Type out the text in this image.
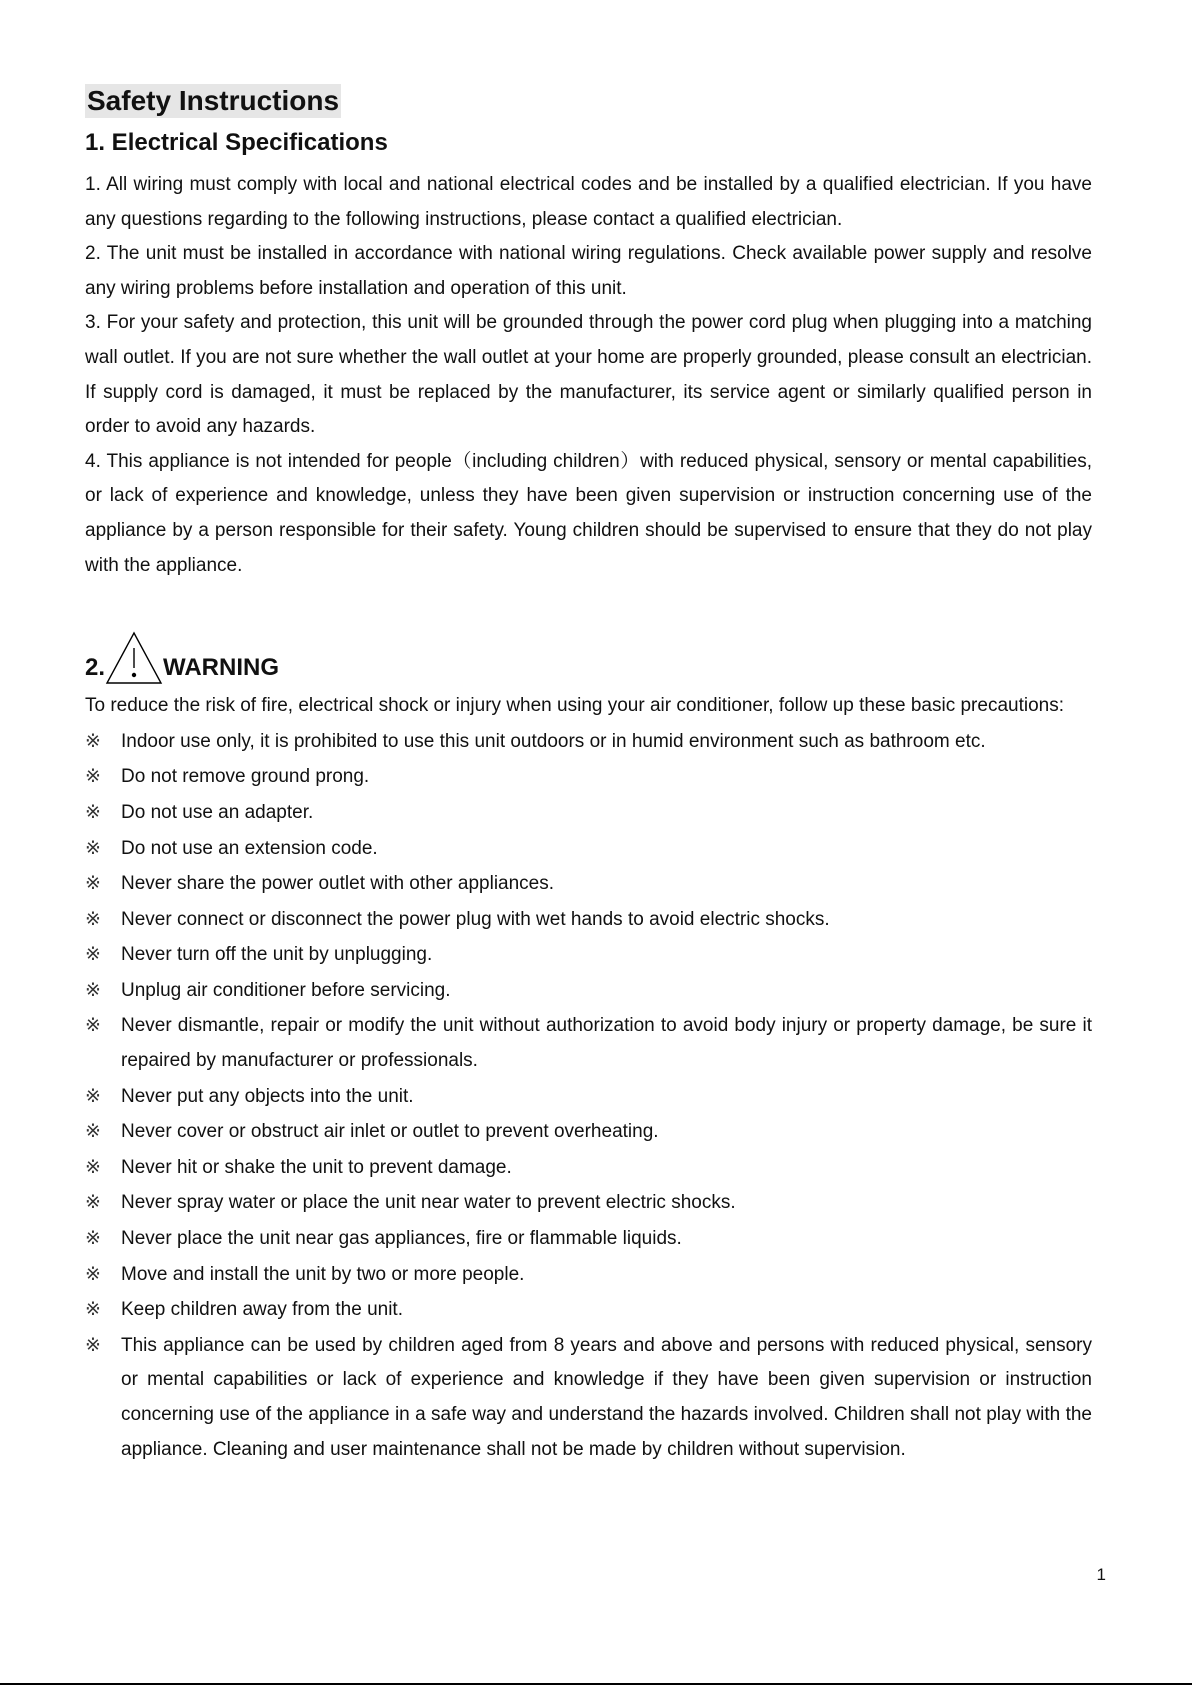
Safety Instructions
1. Electrical Specifications

1. All wiring must comply with local and national electrical codes and be installed by a qualified electrician. If you have any questions regarding to the following instructions, please contact a qualified electrician.

2. The unit must be installed in accordance with national wiring regulations. Check available power supply and resolve any wiring problems before installation and operation of this unit.

3. For your safety and protection, this unit will be grounded through the power cord plug when plugging into a matching wall outlet. If you are not sure whether the wall outlet at your home are properly grounded, please consult an electrician. If supply cord is damaged, it must be replaced by the manufacturer, its service agent or similarly qualified person in order to avoid any hazards.

4. This appliance is not intended for people（including children）with reduced physical, sensory or mental capabilities, or lack of experience and knowledge, unless they have been given supervision or instruction concerning use of the appliance by a person responsible for their safety. Young children should be supervised to ensure that they do not play with the appliance.

2. WARNING

To reduce the risk of fire, electrical shock or injury when using your air conditioner, follow up these basic precautions:

※	Indoor use only, it is prohibited to use this unit outdoors or in humid environment such as bathroom etc.
※	Do not remove ground prong.
※	Do not use an adapter.
※	Do not use an extension code.
※	Never share the power outlet with other appliances.
※	Never connect or disconnect the power plug with wet hands to avoid electric shocks.
※	Never turn off the unit by unplugging.
※	Unplug air conditioner before servicing.
※	Never dismantle, repair or modify the unit without authorization to avoid body injury or property damage, be sure it repaired by manufacturer or professionals.
※	Never put any objects into the unit.
※	Never cover or obstruct air inlet or outlet to prevent overheating.
※	Never hit or shake the unit to prevent damage.
※	Never spray water or place the unit near water to prevent electric shocks.
※	Never place the unit near gas appliances, fire or flammable liquids.
※	Move and install the unit by two or more people.
※	Keep children away from the unit.
※	This appliance can be used by children aged from 8 years and above and persons with reduced physical, sensory or mental capabilities or lack of experience and knowledge if they have been given supervision or instruction concerning use of the appliance in a safe way and understand the hazards involved. Children shall not play with the appliance. Cleaning and user maintenance shall not be made by children without supervision.
1
